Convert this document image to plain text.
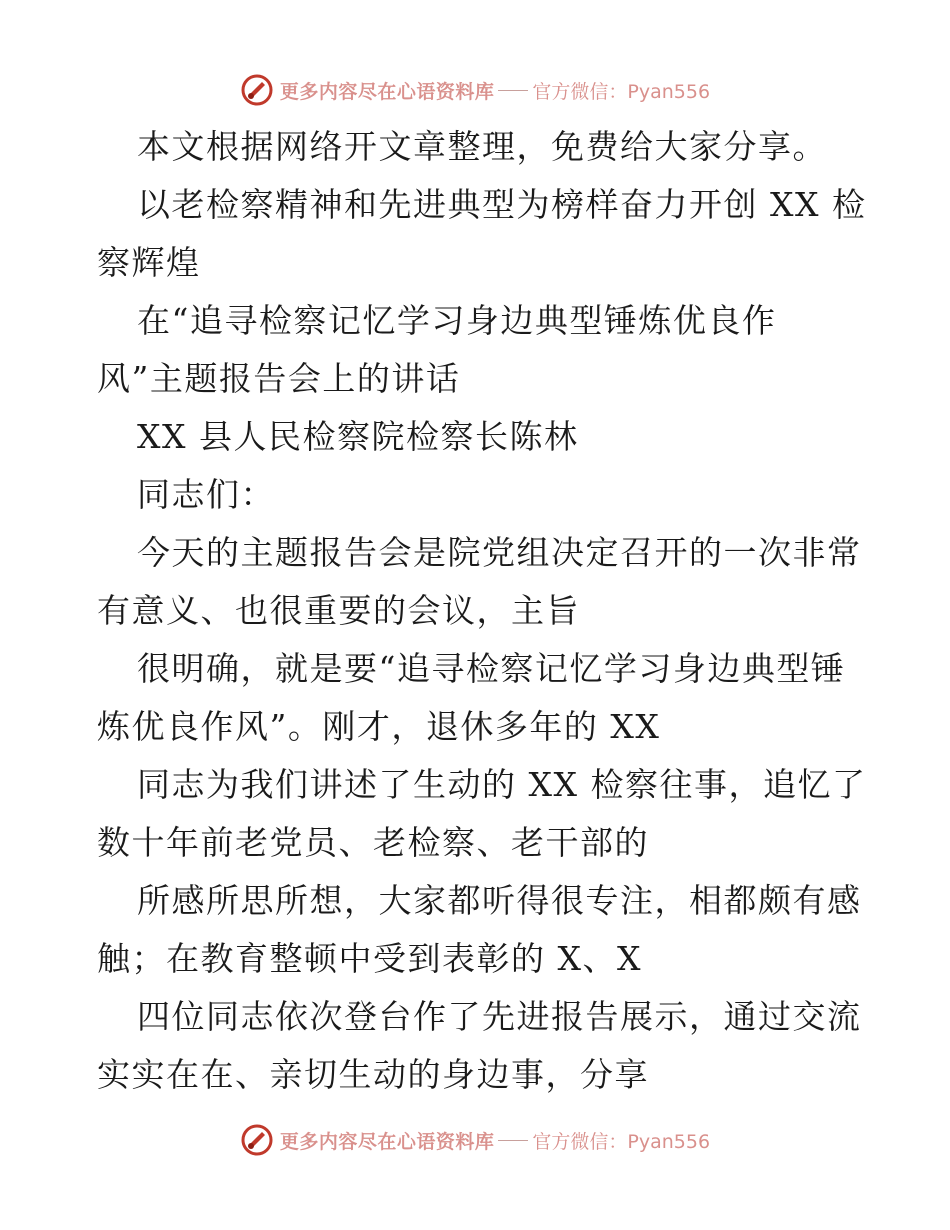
更多内容尽在心语资料库 官方微信：Pyan556

本文根据网络开文章整理，免费给大家分享。

以老检察精神和先进典型为榜样奋力开创 XX 检

察辉煌

在“追寻检察记忆学习身边典型锤炼优良作

风”主题报告会上的讲话

XX 县人民检察院检察长陈林

同志们：

今天的主题报告会是院党组决定召开的一次非常

有意义、也很重要的会议，主旨

很明确，就是要“追寻检察记忆学习身边典型锤

炼优良作风”。刚才，退休多年的 XX

同志为我们讲述了生动的 XX 检察往事，追忆了

数十年前老党员、老检察、老干部的

所感所思所想，大家都听得很专注，相都颇有感

触；在教育整顿中受到表彰的 X、X

四位同志依次登台作了先进报告展示，通过交流

实实在在、亲切生动的身边事，分享

更多内容尽在心语资料库 官方微信：Pyan556
